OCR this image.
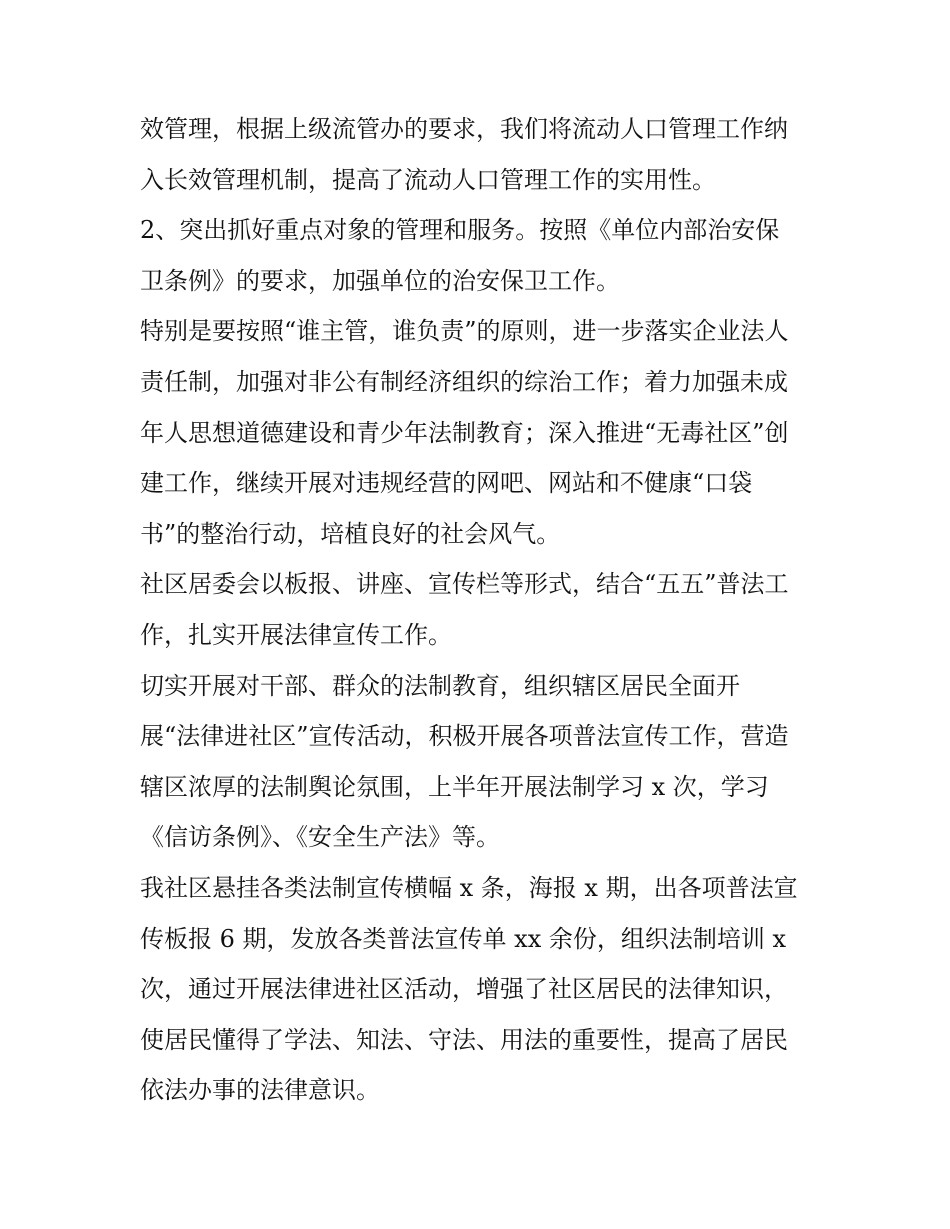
效管理，根据上级流管办的要求，我们将流动人口管理工作纳
入长效管理机制，提高了流动人口管理工作的实用性。
2、突出抓好重点对象的管理和服务。按照《单位内部治安保
卫条例》的要求，加强单位的治安保卫工作。
特别是要按照“谁主管，谁负责”的原则，进一步落实企业法人
责任制，加强对非公有制经济组织的综治工作；着力加强未成
年人思想道德建设和青少年法制教育；深入推进“无毒社区”创
建工作，继续开展对违规经营的网吧、网站和不健康“口袋
书”的整治行动，培植良好的社会风气。
社区居委会以板报、讲座、宣传栏等形式，结合“五五”普法工
作，扎实开展法律宣传工作。
切实开展对干部、群众的法制教育，组织辖区居民全面开
展“法律进社区”宣传活动，积极开展各项普法宣传工作，营造
辖区浓厚的法制舆论氛围，上半年开展法制学习 x 次，学习
《信访条例》、《安全生产法》等。
我社区悬挂各类法制宣传横幅 x 条，海报 x 期，出各项普法宣
传板报 6 期，发放各类普法宣传单 xx 余份，组织法制培训 x
次，通过开展法律进社区活动，增强了社区居民的法律知识，
使居民懂得了学法、知法、守法、用法的重要性，提高了居民
依法办事的法律意识。
